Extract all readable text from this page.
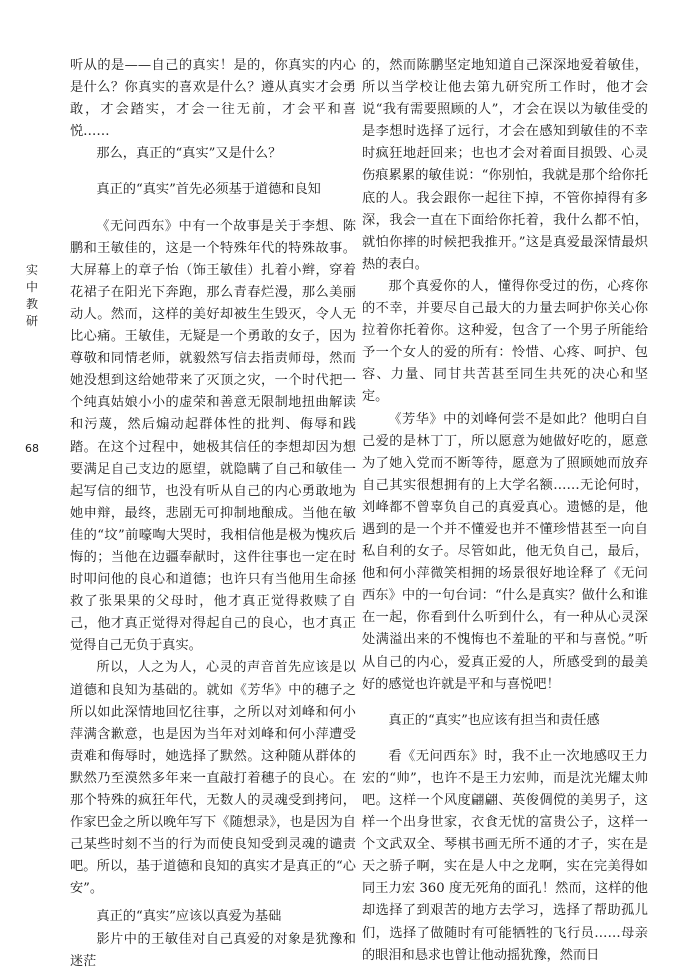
实
中
教
研
68

听从的是——自己的真实！是的，你真实的内心是什么？你真实的喜欢是什么？遵从真实才会勇敢，才会踏实，才会一往无前，才会平和喜悦……

那么，真正的“真实”又是什么？

真正的“真实”首先必须基于道德和良知

《无问西东》中有一个故事是关于李想、陈鹏和王敏佳的，这是一个特殊年代的特殊故事。大屏幕上的章子怡（饰王敏佳）扎着小辫，穿着花裙子在阳光下奔跑，那么青春烂漫，那么美丽动人。然而，这样的美好却被生生毁灭，令人无比心痛。王敏佳，无疑是一个勇敢的女子，因为尊敬和同情老师，就毅然写信去指责师母，然而她没想到这给她带来了灭顶之灾，一个时代把一个纯真姑娘小小的虚荣和善意无限制地扭曲解读和污蔑，然后煽动起群体性的批判、侮辱和践踏。在这个过程中，她极其信任的李想却因为想要满足自己支边的愿望，就隐瞒了自己和敏佳一起写信的细节，也没有听从自己的内心勇敢地为她申辩，最终，悲剧无可抑制地酿成。当他在敏佳的“坟”前嚎啕大哭时，我相信他是极为愧疚后悔的；当他在边疆奉献时，这件往事也一定在时时叩问他的良心和道德；也许只有当他用生命拯救了张果果的父母时，他才真正觉得救赎了自己，他才真正觉得对得起自己的良心，也才真正觉得自己无负于真实。

所以，人之为人，心灵的声音首先应该是以道德和良知为基础的。就如《芳华》中的穗子之所以如此深情地回忆往事，之所以对刘峰和何小萍满含歉意，也是因为当年对刘峰和何小萍遭受责难和侮辱时，她选择了默然。这种随从群体的默然乃至漠然多年来一直敲打着穗子的良心。在那个特殊的疯狂年代，无数人的灵魂受到拷问，作家巴金之所以晚年写下《随想录》，也是因为自己某些时刻不当的行为而使良知受到灵魂的谴责吧。所以，基于道德和良知的真实才是真正的“心安”。

真正的“真实”应该以真爱为基础

影片中的王敏佳对自己真爱的对象是犹豫和迷茫

的，然而陈鹏坚定地知道自己深深地爱着敏佳，所以当学校让他去第九研究所工作时，他才会说“我有需要照顾的人”，才会在误以为敏佳受的是李想时选择了远行，才会在感知到敏佳的不幸时疯狂地赶回来；也也才会对着面目损毁、心灵伤痕累累的敏佳说：“你别怕，我就是那个给你托底的人。我会跟你一起往下掉，不管你掉得有多深，我会一直在下面给你托着，我什么都不怕，就怕你摔的时候把我推开。”这是真爱最深情最炽热的表白。

那个真爱你的人，懂得你受过的伤，心疼你的不幸，并要尽自己最大的力量去呵护你关心你拉着你托着你。这种爱，包含了一个男子所能给予一个女人的爱的所有：怜惜、心疼、呵护、包容、力量、同甘共苦甚至同生共死的决心和坚定。

《芳华》中的刘峰何尝不是如此？他明白自己爱的是林丁丁，所以愿意为她做好吃的，愿意为了她入党而不断等待，愿意为了照顾她而放弃自己其实很想拥有的上大学名额……无论何时，刘峰都不曾辜负自己的真爱真心。遗憾的是，他遇到的是一个并不懂爱也并不懂珍惜甚至一向自私自利的女子。尽管如此，他无负自己，最后，他和何小萍微笑相拥的场景很好地诠释了《无问西东》中的一句台词：“什么是真实？做什么和谁在一起，你看到什么听到什么，有一种从心灵深处满溢出来的不愧悔也不羞耻的平和与喜悦。”听从自己的内心，爱真正爱的人，所感受到的最美好的感觉也许就是平和与喜悦吧！

真正的“真实”也应该有担当和责任感

看《无问西东》时，我不止一次地感叹王力宏的“帅”，也许不是王力宏帅，而是沈光耀太帅吧。这样一个风度翩翩、英俊倜傥的美男子，这样一个出身世家，衣食无忧的富贵公子，这样一个文武双全、琴棋书画无所不通的才子，实在是天之骄子啊，实在是人中之龙啊，实在完美得如同王力宏 360 度无死角的面孔！然而，这样的他却选择了到艰苦的地方去学习，选择了帮助孤儿们，选择了做随时有可能牺牲的飞行员……母亲的眼泪和恳求也曾让他动摇犹豫，然而日
